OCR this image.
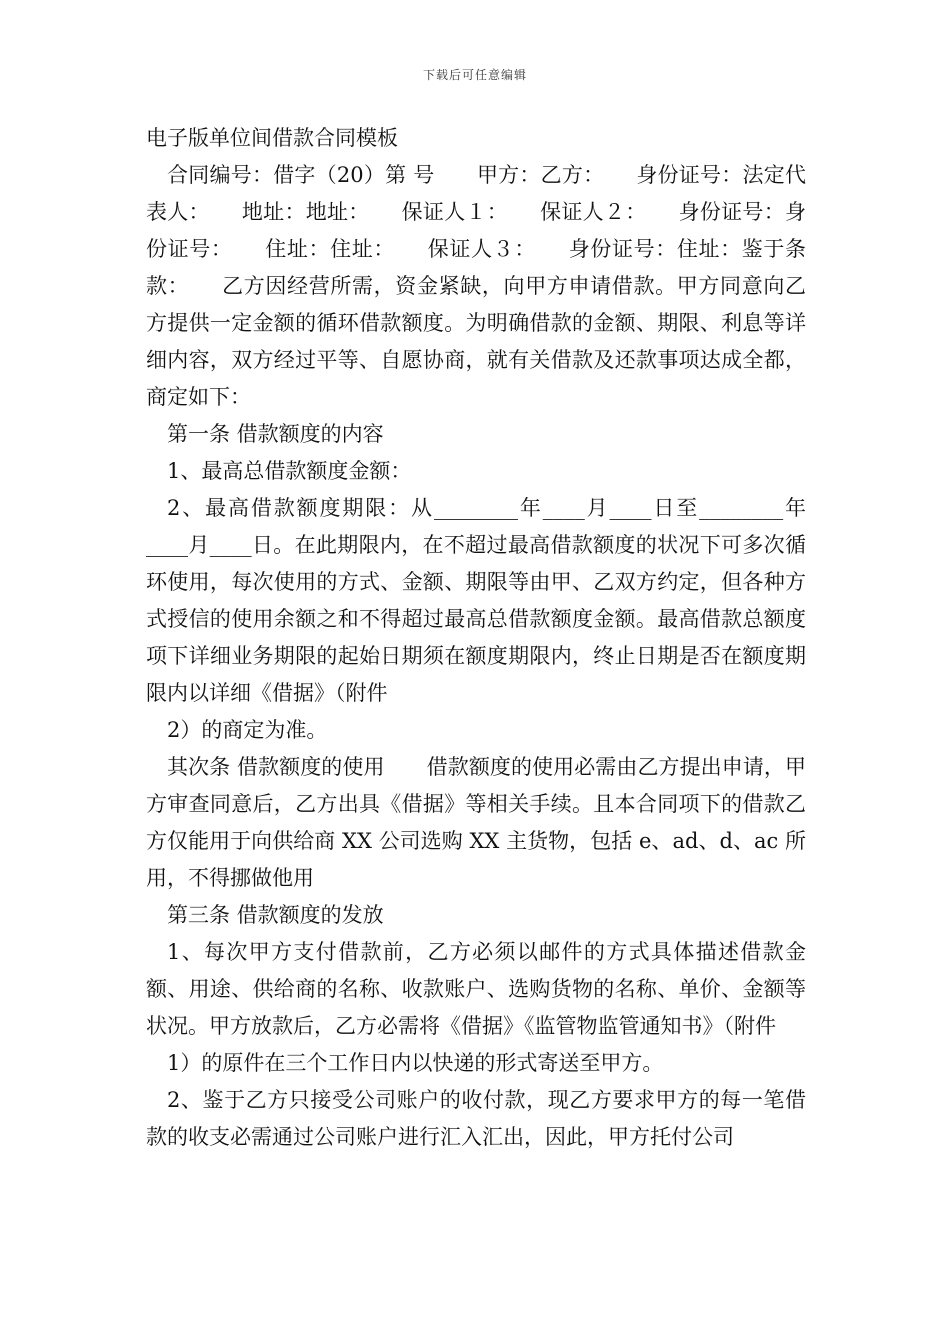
下载后可任意编辑

电子版单位间借款合同模板

合同编号：借字（20）第 号　　甲方：乙方：　　身份证号：法定代表人：　　地址：地址：　　保证人１：　　保证人２：　　身份证号：身份证号：　　住址：住址：　　保证人３：　　身份证号：住址：鉴于条款：　　乙方因经营所需，资金紧缺，向甲方申请借款。甲方同意向乙方提供一定金额的循环借款额度。为明确借款的金额、期限、利息等详细内容，双方经过平等、自愿协商，就有关借款及还款事项达成全都，商定如下：

第一条 借款额度的内容

1、最高总借款额度金额：

2、最高借款额度期限：从________年____月____日至________年____月____日。在此期限内，在不超过最高借款额度的状况下可多次循环使用，每次使用的方式、金额、期限等由甲、乙双方约定，但各种方式授信的使用余额之和不得超过最高总借款额度金额。最高借款总额度项下详细业务期限的起始日期须在额度期限内，终止日期是否在额度期限内以详细《借据》（附件

2）的商定为准。

其次条 借款额度的使用　　借款额度的使用必需由乙方提出申请，甲方审查同意后，乙方出具《借据》等相关手续。且本合同项下的借款乙方仅能用于向供给商 XX 公司选购 XX 主货物，包括 e、ad、d、ac 所用，不得挪做他用

第三条 借款额度的发放

1、每次甲方支付借款前，乙方必须以邮件的方式具体描述借款金额、用途、供给商的名称、收款账户、选购货物的名称、单价、金额等状况。甲方放款后，乙方必需将《借据》《监管物监管通知书》（附件

1）的原件在三个工作日内以快递的形式寄送至甲方。

2、鉴于乙方只接受公司账户的收付款，现乙方要求甲方的每一笔借款的收支必需通过公司账户进行汇入汇出，因此，甲方托付公司
